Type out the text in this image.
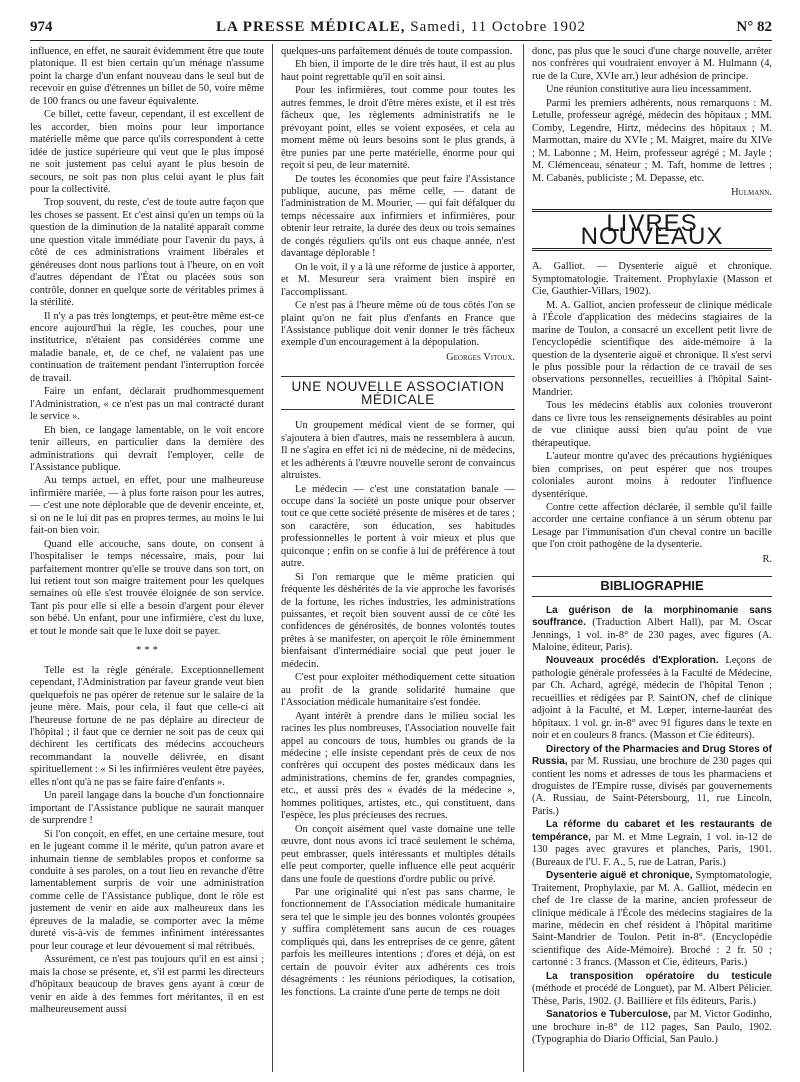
974	LA PRESSE MÉDICALE, Samedi, 11 Octobre 1902	N° 82

influence, en effet, ne saurait évidemment être que toute platonique. Il est bien certain qu'un ménage n'assume point la charge d'un enfant nouveau dans le seul but de recevoir en guise d'étrennes un billet de 50, voire même de 100 francs ou une faveur équivalente.

Ce billet, cette faveur, cependant, il est excellent de les accorder, bien moins pour leur importance matérielle même que parce qu'ils correspondent à cette idée de justice supérieure qui veut que le plus imposé ne soit justement pas celui ayant le plus besoin de secours, ne soit pas non plus celui ayant le plus fait pour la collectivité.

Trop souvent, du reste, c'est de toute autre façon que les choses se passent. Et c'est ainsi qu'en un temps où la question de la diminution de la natalité apparaît comme une question vitale immédiate pour l'avenir du pays, à côté de ces administrations vraiment libérales et généreuses dont nous parlions tout à l'heure, on en voit d'autres dépendant de l'État ou placées sous son contrôle, donner en quelque sorte de véritables primes à la stérilité.

Il n'y a pas très longtemps, et peut-être même est-ce encore aujourd'hui la règle, les couches, pour une institutrice, n'étaient pas considérées comme une maladie banale, et, de ce chef, ne valaient pas une continuation de traitement pendant l'interruption forcée de travail.

Faire un enfant, déclarait prudhommesquement l'Administration, « ce n'est pas un mal contracté durant le service ».

Eh bien, ce langage lamentable, on le voit encore tenir ailleurs, en particulier dans la dernière des administrations qui devrait l'employer, celle de l'Assistance publique.

Au temps actuel, en effet, pour une malheureuse infirmière mariée, — à plus forte raison pour les autres, — c'est une note déplorable que de devenir enceinte, et, si on ne le lui dit pas en propres termes, au moins le lui fait-on bien voir.

Quand elle accouche, sans doute, on consent à l'hospitaliser le temps nécessaire, mais, pour lui parfaitement montrer qu'elle se trouve dans son tort, on lui retient tout son maigre traitement pour les quelques semaines où elle s'est trouvée éloignée de son service. Tant pis pour elle si elle a besoin d'argent pour élever son bébé. Un enfant, pour une infirmière, c'est du luxe, et tout le monde sait que le luxe doit se payer.

* * *

Telle est la règle générale. Exceptionnellement cependant, l'Administration par faveur grande veut bien quelquefois ne pas opérer de retenue sur le salaire de la jeune mère. Mais, pour cela, il faut que celle-ci ait l'heureuse fortune de ne pas déplaire au directeur de l'hôpital ; il faut que ce dernier ne soit pas de ceux qui déchirent les certificats des médecins accoucheurs recommandant la nouvelle délivrée, en disant spirituellement : « Si les infirmières veulent être payées, elles n'ont qu'à ne pas se faire faire d'enfants ».

Un pareil langage dans la bouche d'un fonctionnaire important de l'Assistance publique ne saurait manquer de surprendre !

Si l'on conçoit, en effet, en une certaine mesure, tout en le jugeant comme il le mérite, qu'un patron avare et inhumain tienne de semblables propos et conforme sa conduite à ses paroles, on a tout lieu en revanche d'être lamentablement surpris de voir une administration comme celle de l'Assistance publique, dont le rôle est justement de venir en aide aux malheureux dans les épreuves de la maladie, se comporter avec la même dureté vis-à-vis de femmes infiniment intéressantes pour leur courage et leur dévouement si mal rétribués.

Assurément, ce n'est pas toujours qu'il en est ainsi ; mais la chose se présente, et, s'il est parmi les directeurs d'hôpitaux beaucoup de braves gens ayant à cœur de venir en aide à des femmes fort méritantes, il en est malheureusement aussi

quelques-uns parfaitement dénués de toute compassion.

Eh bien, il importe de le dire très haut, il est au plus haut point regrettable qu'il en soit ainsi.

Pour les infirmières, tout comme pour toutes les autres femmes, le droit d'être mères existe, et il est très fâcheux que, les règlements administratifs ne le prévoyant point, elles se voient exposées, et cela au moment même où leurs besoins sont le plus grands, à être punies par une perte matérielle, énorme pour qui reçoit si peu, de leur maternité.

De toutes les économies que peut faire l'Assistance publique, aucune, pas même celle, — datant de l'administration de M. Mourier, — qui fait défalquer du temps nécessaire aux infirmiers et infirmières, pour obtenir leur retraite, la durée des deux ou trois semaines de congés réguliers qu'ils ont eus chaque année, n'est davantage déplorable !

On le voit, il y a là une réforme de justice à apporter, et M. Mesureur sera vraiment bien inspiré en l'accomplissant.

Ce n'est pas à l'heure même où de tous côtés l'on se plaint qu'on ne fait plus d'enfants en France que l'Assistance publique doit venir donner le très fâcheux exemple d'un encouragement à la dépopulation.

Georges Vitoux.
UNE NOUVELLE ASSOCIATION MÉDICALE

Un groupement médical vient de se former, qui s'ajoutera à bien d'autres, mais ne ressemblera à aucun. Il ne s'agira en effet ici ni de médecine, ni de médecins, et les adhérents à l'œuvre nouvelle seront de convaincus altruistes.

Le médecin — c'est une constatation banale — occupe dans la société un poste unique pour observer tout ce que cette société présente de misères et de tares ; son caractère, son éducation, ses habitudes professionnelles le portent à voir mieux et plus que quiconque ; enfin on se confie à lui de préférence à tout autre.

Si l'on remarque que le même praticien qui fréquente les déshérités de la vie approche les favorisés de la fortune, les riches industries, les administrations puissantes, et reçoit bien souvent aussi de ce côté les confidences de générosités, de bonnes volontés toutes prêtes à se manifester, on aperçoit le rôle éminemment bienfaisant d'intermédiaire social que peut jouer le médecin.

C'est pour exploiter méthodiquement cette situation au profit de la grande solidarité humaine que l'Association médicale humanitaire s'est fondée.

Ayant intérêt à prendre dans le milieu social les racines les plus nombreuses, l'Association nouvelle fait appel au concours de tous, humbles ou grands de la médecine ; elle insiste cependant près de ceux de nos confrères qui occupent des postes médicaux dans les administrations, chemins de fer, grandes compagnies, etc., et aussi près des « évadés de la médecine », hommes politiques, artistes, etc., qui constituent, dans l'espèce, les plus précieuses des recrues.

On conçoit aisément quel vaste domaine une telle œuvre, dont nous avons ici tracé seulement le schéma, peut embrasser, quels intéressants et multiples détails elle peut comporter, quelle influence elle peut acquérir dans une foule de questions d'ordre public ou privé.

Par une originalité qui n'est pas sans charme, le fonctionnement de l'Association médicale humanitaire sera tel que le simple jeu des bonnes volontés groupées y suffira complètement sans aucun de ces rouages compliqués qui, dans les entreprises de ce genre, gâtent parfois les meilleures intentions ; d'ores et déjà, on est certain de pouvoir éviter aux adhérents ces trois désagréments : les réunions périodiques, la cotisation, les fonctions. La crainte d'une perte de temps ne doit

donc, pas plus que le souci d'une charge nouvelle, arrêter nos confrères qui voudraient envoyer à M. Hulmann (4, rue de la Cure, XVIe arr.) leur adhésion de principe.

Une réunion constitutive aura lieu incessamment.

Parmi les premiers adhérents, nous remarquons : M. Letulle, professeur agrégé, médecin des hôpitaux ; MM. Comby, Legendre, Hirtz, médecins des hôpitaux ; M. Marmottan, maire du XVIe ; M. Maigret, maire du XIVe ; M. Labonne ; M. Heim, professeur agrégé ; M. Jayle ; M. Clémenceau, sénateur ; M. Taft, homme de lettres ; M. Cabanès, publiciste ; M. Depasse, etc.

Hulmann.
LIVRES NOUVEAUX

A. Galliot. — Dysenterie aiguë et chronique. Symptomatologie. Traitement. Prophylaxie (Masson et Cie, Gauthier-Villars, 1902).

M. A. Galliot, ancien professeur de clinique médicale à l'École d'application des médecins stagiaires de la marine de Toulon, a consacré un excellent petit livre de l'encyclopédie scientifique des aide-mémoire à la question de la dysenterie aiguë et chronique. Il s'est servi le plus possible pour la rédaction de ce travail de ses observations personnelles, recueillies à l'hôpital Saint-Mandrier.

Tous les médecins établis aux colonies trouveront dans ce livre tous les renseignements désirables au point de vue clinique aussi bien qu'au point de vue thérapeutique.

L'auteur montre qu'avec des précautions hygiéniques bien comprises, on peut espérer que nos troupes coloniales auront moins à redouter l'influence dysentérique.

Contre cette affection déclarée, il semble qu'il faille accorder une certaine confiance à un sérum obtenu par Lesage par l'immunisation d'un cheval contre un bacille que l'on croit pathogène de la dysenterie.

R.
BIBLIOGRAPHIE

La guérison de la morphinomanie sans souffrance. (Traduction Albert Hall), par M. Oscar Jennings, 1 vol. in-8° de 230 pages, avec figures (A. Maloine, éditeur, Paris).

Nouveaux procédés d'Exploration. Leçons de pathologie générale professées à la Faculté de Médecine, par Ch. Achard, agrégé, médecin de l'hôpital Tenon ; recueillies et rédigées par P. SaintON, chef de clinique adjoint à la Faculté, et M. Lœper, interne-lauréat des hôpitaux. 1 vol. gr. in-8° avec 91 figures dans le texte en noir et en couleurs 8 francs. (Masson et Cie éditeurs).

Directory of the Pharmacies and Drug Stores of Russia, par M. Russiau, une brochure de 230 pages qui contient les noms et adresses de tous les pharmaciens et droguistes de l'Empire russe, divisés par gouvernements (A. Russiau, de Saint-Pétersbourg, 11, rue Lincoln, Paris.)

La réforme du cabaret et les restaurants de tempérance, par M. et Mme Legrain, 1 vol. in-12 de 130 pages avec gravures et planches, Paris, 1901. (Bureaux de l'U. F. A., 5, rue de Latran, Paris.)

Dysenterie aiguë et chronique, Symptomatologie, Traitement, Prophylaxie, par M. A. Galliot, médecin en chef de 1re classe de la marine, ancien professeur de clinique médicale à l'École des médecins stagiaires de la marine, médecin en chef résident à l'hôpital maritime Saint-Mandrier de Toulon. Petit in-8°. (Encyclopédie scientifique des Aide-Mémoire). Broché : 2 fr. 50 ; cartonné : 3 francs. (Masson et Cie, éditeurs, Paris.)

La transposition opératoire du testicule (méthode et procédé de Longuet), par M. Albert Pélicier. Thèse, Paris, 1902. (J. Baillière et fils éditeurs, Paris.)

Sanatorios e Tuberculose, par M. Victor Godinho, une brochure in-8° de 112 pages, San Paulo, 1902. (Typographia do Diario Official, San Paulo.)
